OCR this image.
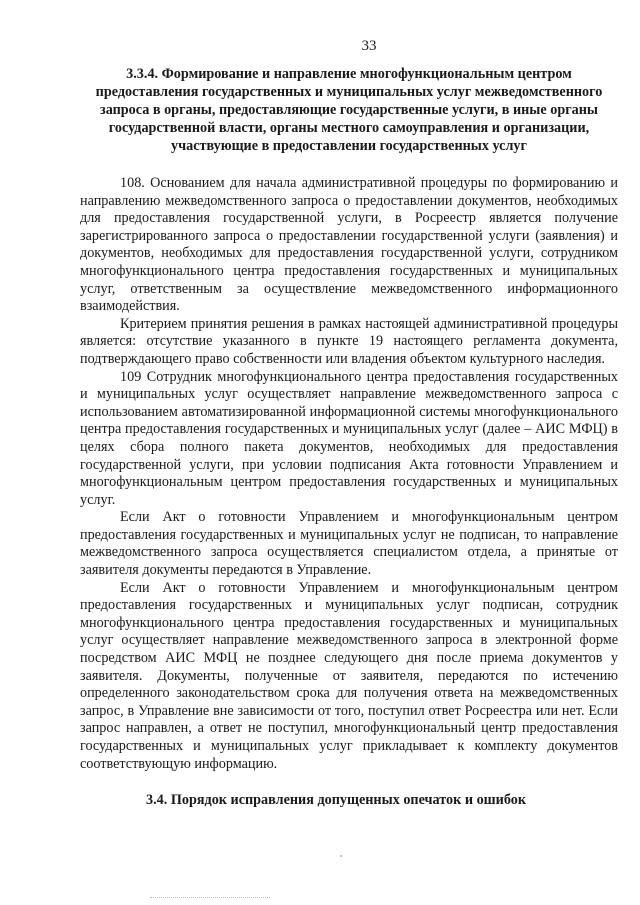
33
3.3.4. Формирование и направление многофункциональным центром предоставления государственных и муниципальных услуг межведомственного запроса в органы, предоставляющие государственные услуги, в иные органы государственной власти, органы местного самоуправления и организации, участвующие в предоставлении государственных услуг

108. Основанием для начала административной процедуры по формированию и направлению межведомственного запроса о предоставлении документов, необходимых для предоставления государственной услуги, в Росреестр является получение зарегистрированного запроса о предоставлении государственной услуги (заявления) и документов, необходимых для предоставления государственной услуги, сотрудником многофункционального центра предоставления государственных и муниципальных услуг, ответственным за осуществление межведомственного информационного взаимодействия.

Критерием принятия решения в рамках настоящей административной процедуры является: отсутствие указанного в пункте 19 настоящего регламента документа, подтверждающего право собственности или владения объектом культурного наследия.

109 Сотрудник многофункционального центра предоставления государственных и муниципальных услуг осуществляет направление межведомственного запроса с использованием автоматизированной информационной системы многофункционального центра предоставления государственных и муниципальных услуг (далее – АИС МФЦ) в целях сбора полного пакета документов, необходимых для предоставления государственной услуги, при условии подписания Акта готовности Управлением и многофункциональным центром предоставления государственных и муниципальных услуг.

Если Акт о готовности Управлением и многофункциональным центром предоставления государственных и муниципальных услуг не подписан, то направление межведомственного запроса осуществляется специалистом отдела, а принятые от заявителя документы передаются в Управление.

Если Акт о готовности Управлением и многофункциональным центром предоставления государственных и муниципальных услуг подписан, сотрудник многофункционального центра предоставления государственных и муниципальных услуг осуществляет направление межведомственного запроса в электронной форме посредством АИС МФЦ не позднее следующего дня после приема документов у заявителя. Документы, полученные от заявителя, передаются по истечению определенного законодательством срока для получения ответа на межведомственных запрос, в Управление вне зависимости от того, поступил ответ Росреестра или нет. Если запрос направлен, а ответ не поступил, многофункциональный центр предоставления государственных и муниципальных услуг прикладывает к комплекту документов соответствующую информацию.

3.4. Порядок исправления допущенных опечаток и ошибок
